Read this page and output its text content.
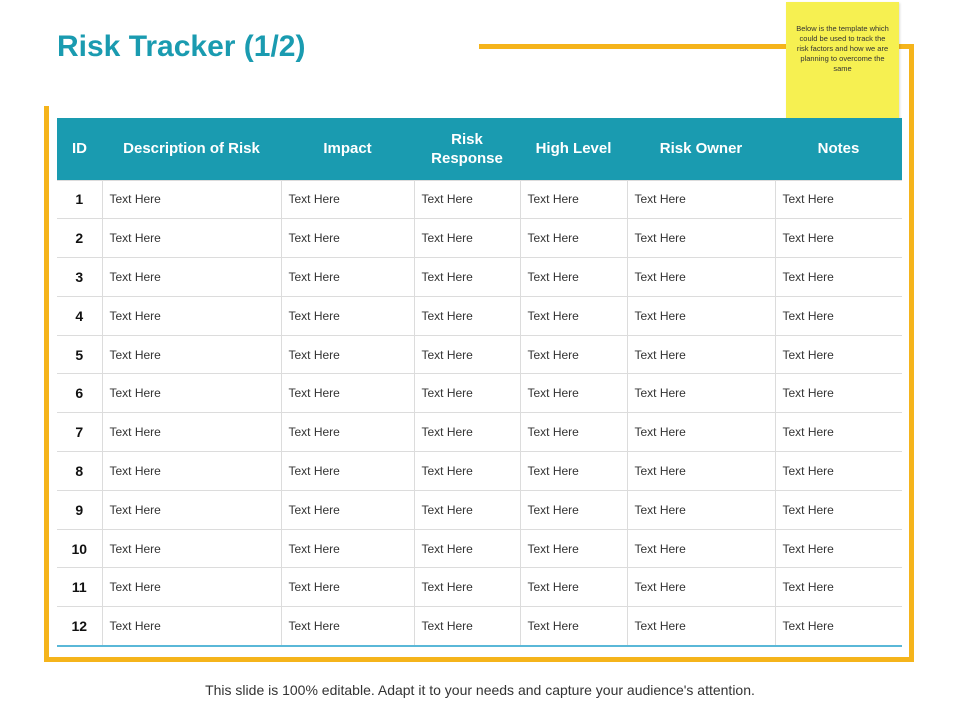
Risk Tracker (1/2)
Below is the template which could be used to track the risk factors and how we are planning to overcome the same
ID	Description of Risk	Impact	Risk Response	High Level	Risk Owner	Notes
1	Text Here	Text Here	Text Here	Text Here	Text Here	Text Here
2	Text Here	Text Here	Text Here	Text Here	Text Here	Text Here
3	Text Here	Text Here	Text Here	Text Here	Text Here	Text Here
4	Text Here	Text Here	Text Here	Text Here	Text Here	Text Here
5	Text Here	Text Here	Text Here	Text Here	Text Here	Text Here
6	Text Here	Text Here	Text Here	Text Here	Text Here	Text Here
7	Text Here	Text Here	Text Here	Text Here	Text Here	Text Here
8	Text Here	Text Here	Text Here	Text Here	Text Here	Text Here
9	Text Here	Text Here	Text Here	Text Here	Text Here	Text Here
10	Text Here	Text Here	Text Here	Text Here	Text Here	Text Here
11	Text Here	Text Here	Text Here	Text Here	Text Here	Text Here
12	Text Here	Text Here	Text Here	Text Here	Text Here	Text Here
This slide is 100% editable. Adapt it to your needs and capture your audience's attention.
